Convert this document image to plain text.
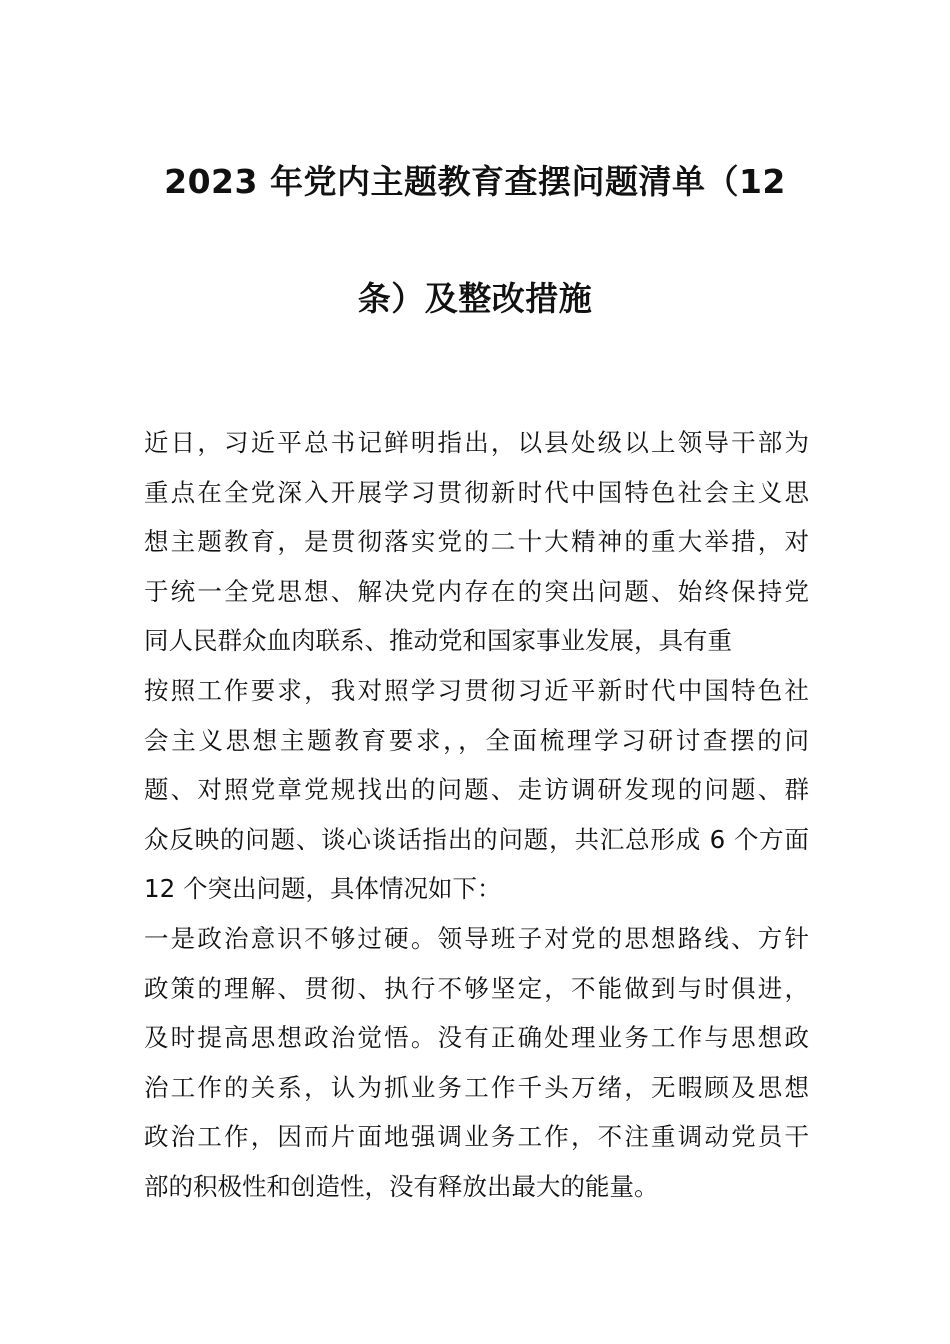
2023 年党内主题教育查摆问题清单（12
条）及整改措施
近日，习近平总书记鲜明指出，以县处级以上领导干部为
重点在全党深入开展学习贯彻新时代中国特色社会主义思
想主题教育，是贯彻落实党的二十大精神的重大举措，对
于统一全党思想、解决党内存在的突出问题、始终保持党
同人民群众血肉联系、推动党和国家事业发展，具有重
按照工作要求，我对照学习贯彻习近平新时代中国特色社
会主义思想主题教育要求，，全面梳理学习研讨查摆的问
题、对照党章党规找出的问题、走访调研发现的问题、群
众反映的问题、谈心谈话指出的问题，共汇总形成 6 个方面
12 个突出问题，具体情况如下：
一是政治意识不够过硬。领导班子对党的思想路线、方针
政策的理解、贯彻、执行不够坚定，不能做到与时俱进，
及时提高思想政治觉悟。没有正确处理业务工作与思想政
治工作的关系，认为抓业务工作千头万绪，无暇顾及思想
政治工作，因而片面地强调业务工作，不注重调动党员干
部的积极性和创造性，没有释放出最大的能量。
